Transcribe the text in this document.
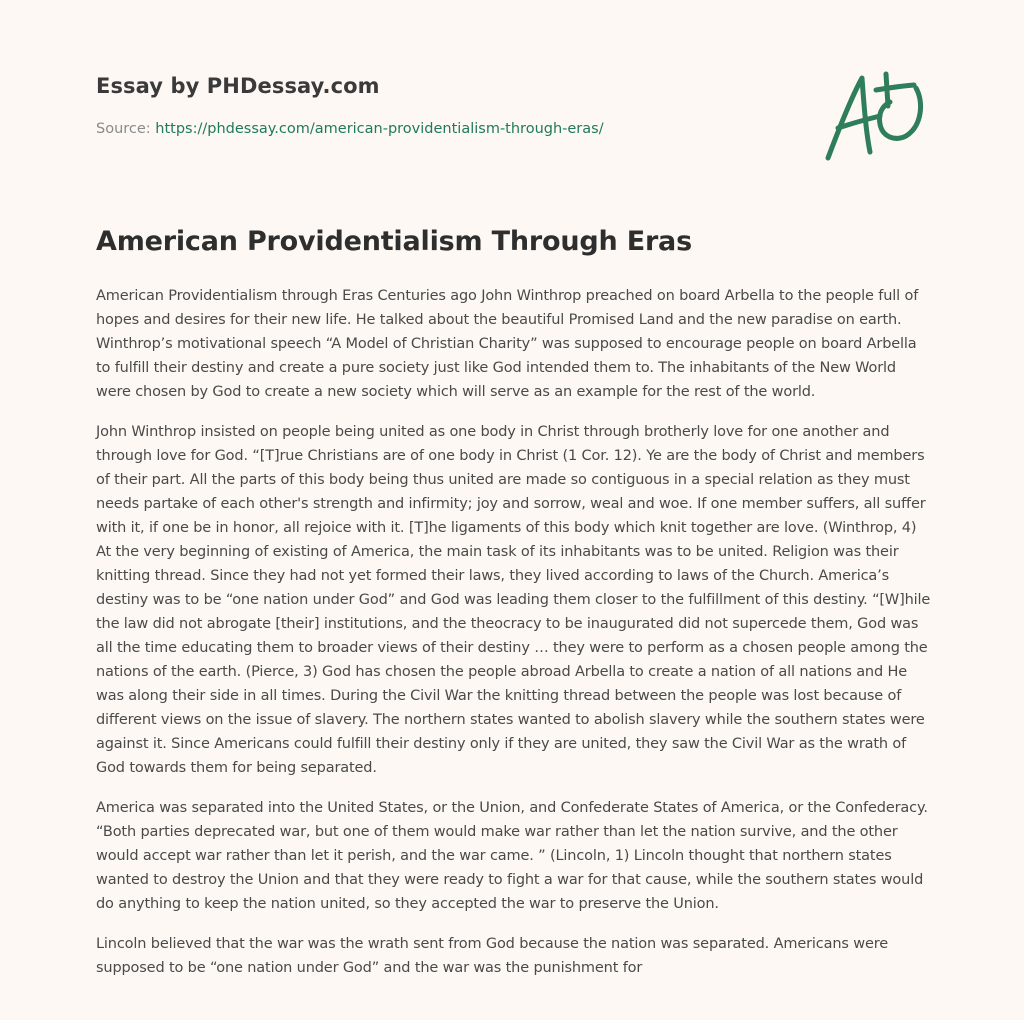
Essay by PHDessay.com
Source: https://phdessay.com/american-providentialism-through-eras/
American Providentialism Through Eras

American Providentialism through Eras Centuries ago John Winthrop preached on board Arbella to the people full of hopes and desires for their new life. He talked about the beautiful Promised Land and the new paradise on earth. Winthrop’s motivational speech “A Model of Christian Charity” was supposed to encourage people on board Arbella to fulfill their destiny and create a pure society just like God intended them to. The inhabitants of the New World were chosen by God to create a new society which will serve as an example for the rest of the world.

John Winthrop insisted on people being united as one body in Christ through brotherly love for one another and through love for God. “[T]rue Christians are of one body in Christ (1 Cor. 12). Ye are the body of Christ and members of their part. All the parts of this body being thus united are made so contiguous in a special relation as they must needs partake of each other's strength and infirmity; joy and sorrow, weal and woe. If one member suffers, all suffer with it, if one be in honor, all rejoice with it. [T]he ligaments of this body which knit together are love. (Winthrop, 4) At the very beginning of existing of America, the main task of its inhabitants was to be united. Religion was their knitting thread. Since they had not yet formed their laws, they lived according to laws of the Church. America’s destiny was to be “one nation under God” and God was leading them closer to the fulfillment of this destiny. “[W]hile the law did not abrogate [their] institutions, and the theocracy to be inaugurated did not supercede them, God was all the time educating them to broader views of their destiny … they were to perform as a chosen people among the nations of the earth. (Pierce, 3) God has chosen the people abroad Arbella to create a nation of all nations and He was along their side in all times. During the Civil War the knitting thread between the people was lost because of different views on the issue of slavery. The northern states wanted to abolish slavery while the southern states were against it. Since Americans could fulfill their destiny only if they are united, they saw the Civil War as the wrath of God towards them for being separated.

America was separated into the United States, or the Union, and Confederate States of America, or the Confederacy. “Both parties deprecated war, but one of them would make war rather than let the nation survive, and the other would accept war rather than let it perish, and the war came. ” (Lincoln, 1) Lincoln thought that northern states wanted to destroy the Union and that they were ready to fight a war for that cause, while the southern states would do anything to keep the nation united, so they accepted the war to preserve the Union.

Lincoln believed that the war was the wrath sent from God because the nation was separated. Americans were supposed to be “one nation under God” and the war was the punishment for
